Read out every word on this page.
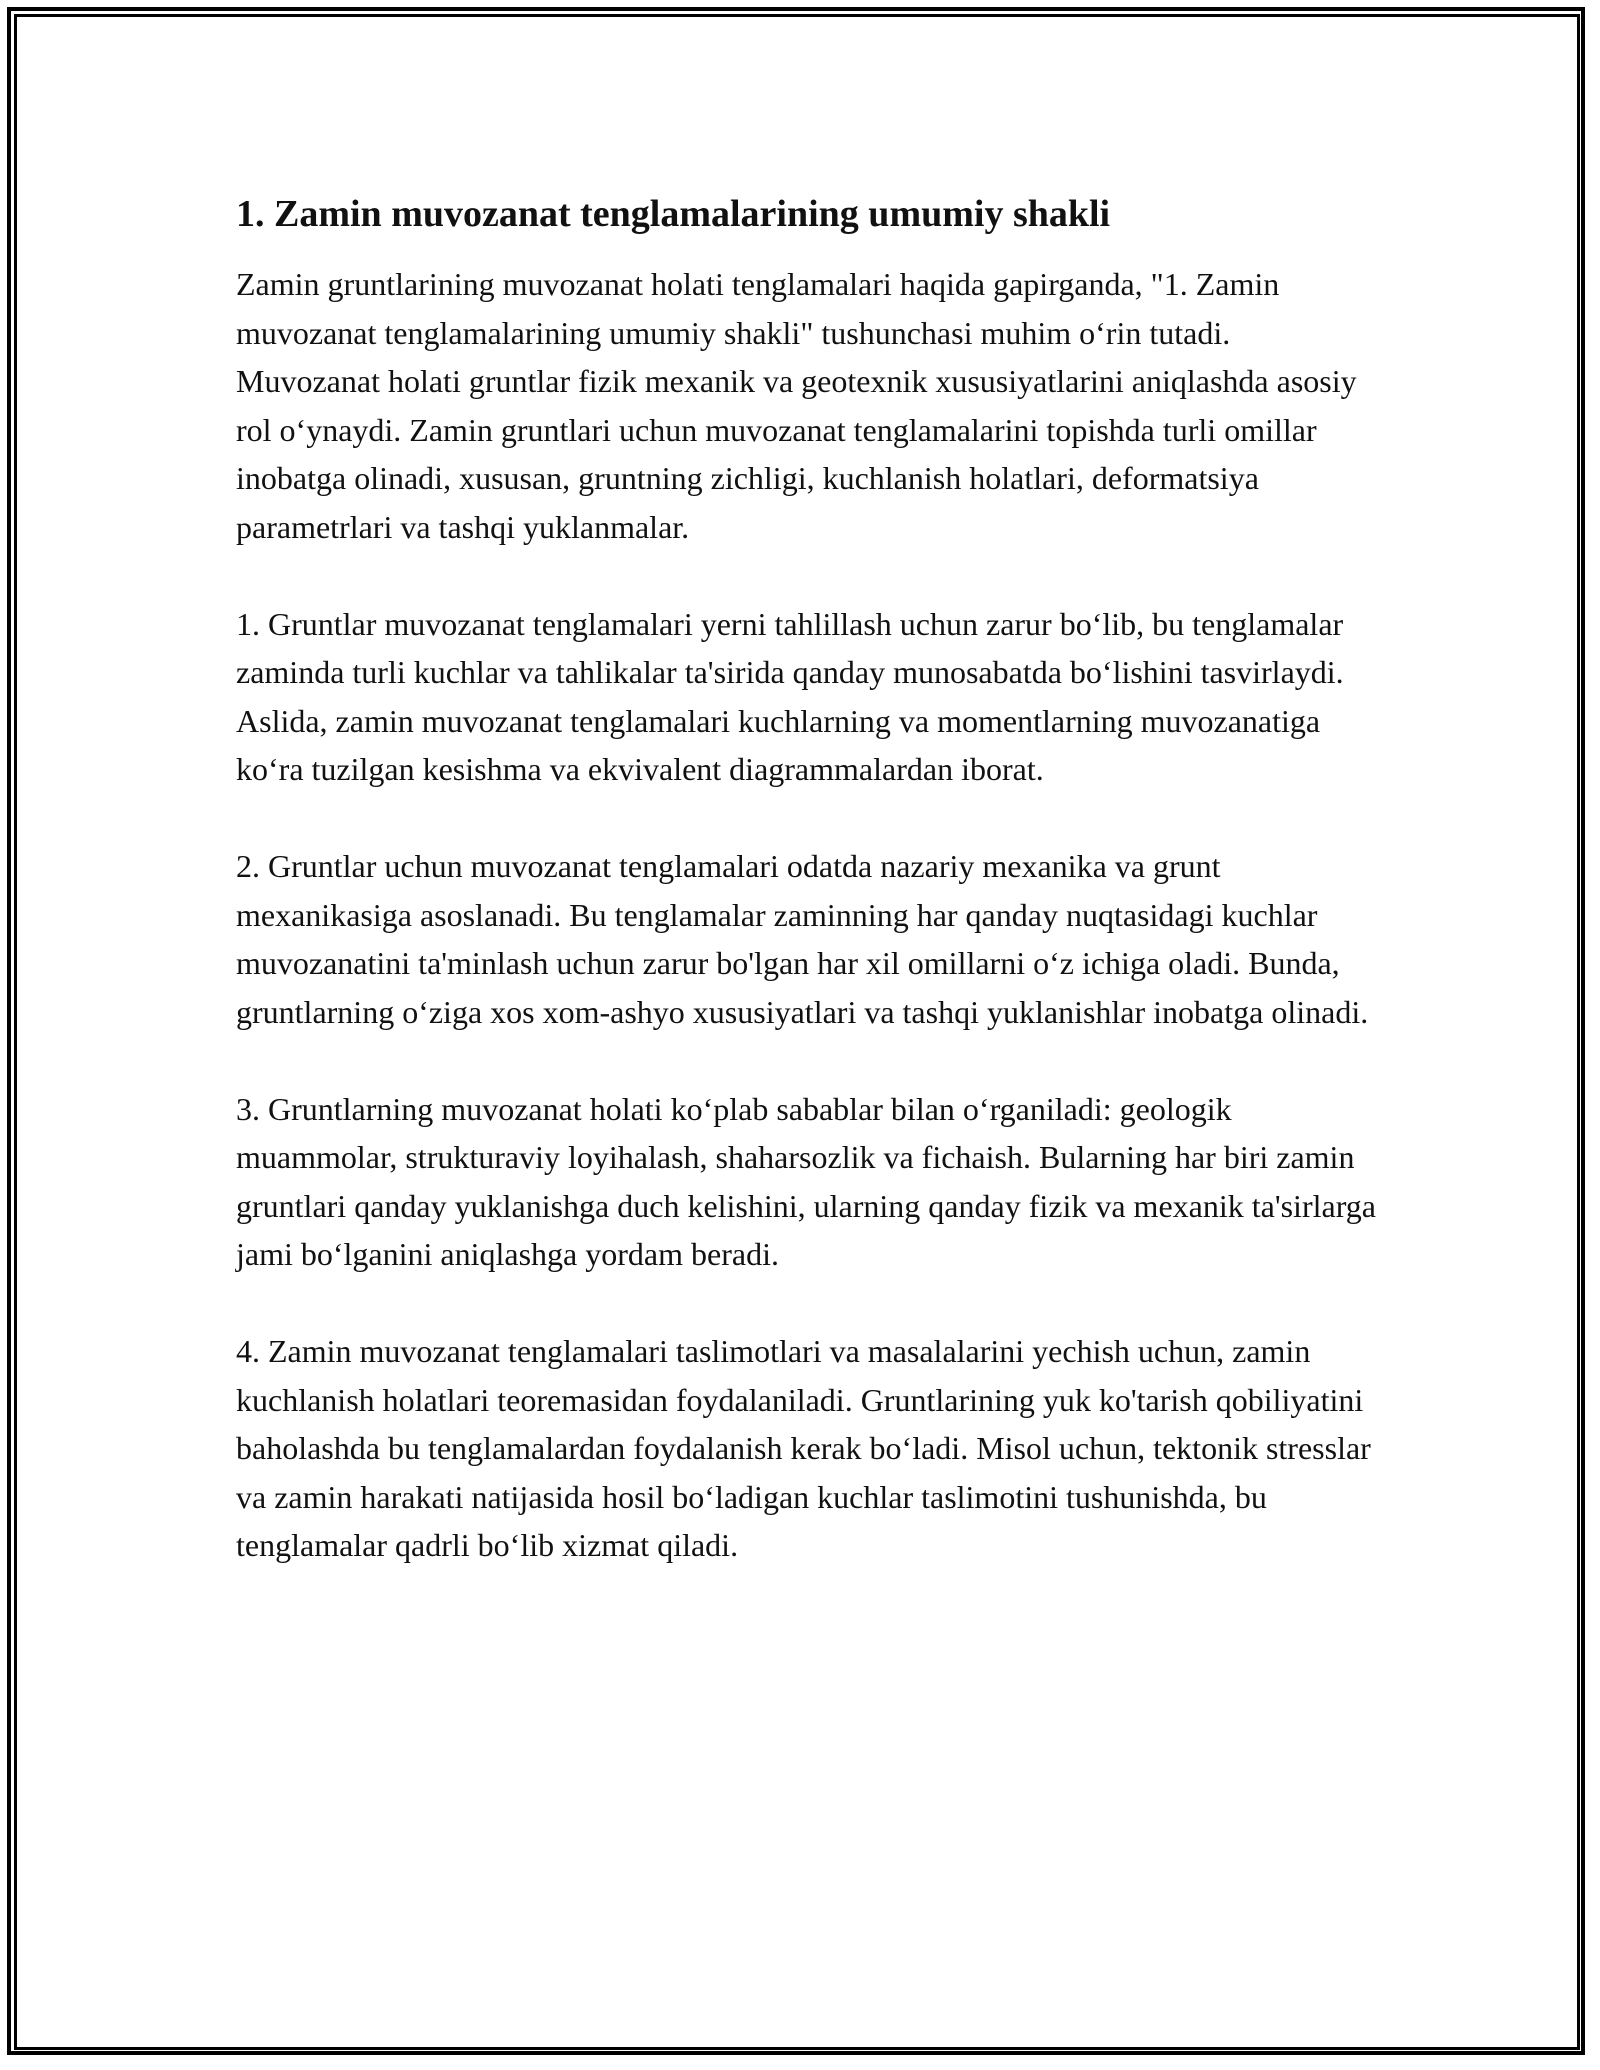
1. Zamin muvozanat tenglamalarining umumiy shakli

Zamin gruntlarining muvozanat holati tenglamalari haqida gapirganda, "1. Zamin muvozanat tenglamalarining umumiy shakli" tushunchasi muhim o‘rin tutadi. Muvozanat holati gruntlar fizik mexanik va geotexnik xususiyatlarini aniqlashda asosiy rol o‘ynaydi. Zamin gruntlari uchun muvozanat tenglamalarini topishda turli omillar inobatga olinadi, xususan, gruntning zichligi, kuchlanish holatlari, deformatsiya parametrlari va tashqi yuklanmalar.

1. Gruntlar muvozanat tenglamalari yerni tahlillash uchun zarur bo‘lib, bu tenglamalar zaminda turli kuchlar va tahlikalar ta'sirida qanday munosabatda bo‘lishini tasvirlaydi. Aslida, zamin muvozanat tenglamalari kuchlarning va momentlarning muvozanatiga ko‘ra tuzilgan kesishma va ekvivalent diagrammalardan iborat.

2. Gruntlar uchun muvozanat tenglamalari odatda nazariy mexanika va grunt mexanikasiga asoslanadi. Bu tenglamalar zaminning har qanday nuqtasidagi kuchlar muvozanatini ta'minlash uchun zarur bo'lgan har xil omillarni o‘z ichiga oladi. Bunda, gruntlarning o‘ziga xos xom-ashyo xususiyatlari va tashqi yuklanishlar inobatga olinadi.

3. Gruntlarning muvozanat holati ko‘plab sabablar bilan o‘rganiladi: geologik muammolar, strukturaviy loyihalash, shaharsozlik va fichaish. Bularning har biri zamin gruntlari qanday yuklanishga duch kelishini, ularning qanday fizik va mexanik ta'sirlarga jami bo‘lganini aniqlashga yordam beradi.

4. Zamin muvozanat tenglamalari taslimotlari va masalalarini yechish uchun, zamin kuchlanish holatlari teoremasidan foydalaniladi. Gruntlarining yuk ko'tarish qobiliyatini baholashda bu tenglamalardan foydalanish kerak bo‘ladi. Misol uchun, tektonik stresslar va zamin harakati natijasida hosil bo‘ladigan kuchlar taslimotini tushunishda, bu tenglamalar qadrli bo‘lib xizmat qiladi.
